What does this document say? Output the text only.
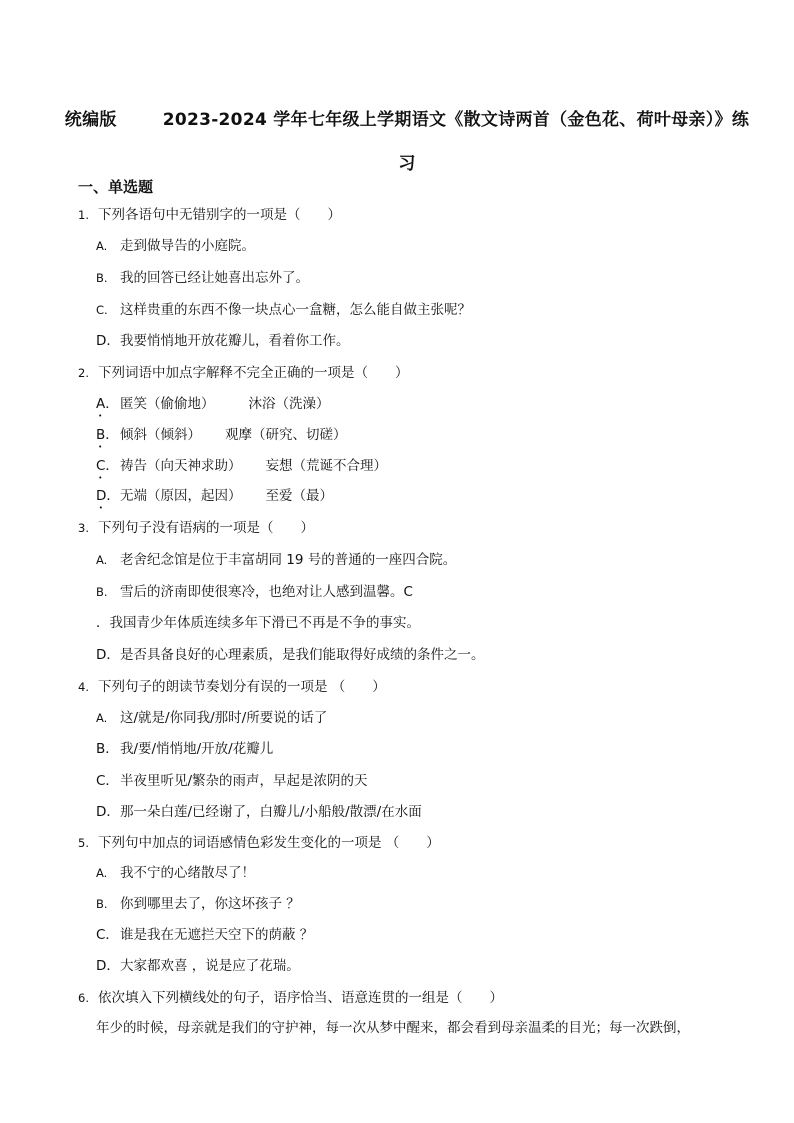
统编版	2023-2024 学年七年级上学期语文《散文诗两首（金色花、荷叶母亲）》练
习
一、单选题
1. 下列各语句中无错别字的一项是（　　）
A. 走到做导告的小庭院。
B. 我的回答已经让她喜出忘外了。
C. 这样贵重的东西不像一块点心一盒糖，怎么能自做主张呢？
D．我要悄悄地开放花瓣儿，看着你工作。
2. 下列词语中加点字解释不完全正确的一项是（　　）
A．匿笑（偷偷地）	沐浴（洗澡）
B．倾斜（倾斜） 观摩（研究、切磋）
C．祷告（向天神求助） 妄想（荒诞不合理）
D．无端（原因，起因） 至爱（最）
3. 下列句子没有语病的一项是（　　）
A. 老舍纪念馆是位于丰富胡同 19 号的普通的一座四合院。
B. 雪后的济南即使很寒冷，也绝对让人感到温馨。C
．我国青少年体质连续多年下滑已不再是不争的事实。
D．是否具备良好的心理素质，是我们能取得好成绩的条件之一。
4. 下列句子的朗读节奏划分有误的一项是 （　　）
A. 这/就是/你同我/那时/所要说的话了
B．我/要/悄悄地/开放/花瓣儿
C．半夜里听见/繁杂的雨声，早起是浓阴的天
D．那一朵白莲/已经谢了，白瓣儿/小船般/散漂/在水面
5. 下列句中加点的词语感情色彩发生变化的一项是 （　　）
A. 我不宁的心绪散尽了！
B. 你到哪里去了，你这坏孩子 ？
C．谁是我在无遮拦天空下的荫蔽 ？
D．大家都欢喜 ，说是应了花瑞。
6. 依次填入下列横线处的句子，语序恰当、语意连贯的一组是（　　）
年少的时候，母亲就是我们的守护神，每一次从梦中醒来，都会看到母亲温柔的目光；每一次跌倒，
